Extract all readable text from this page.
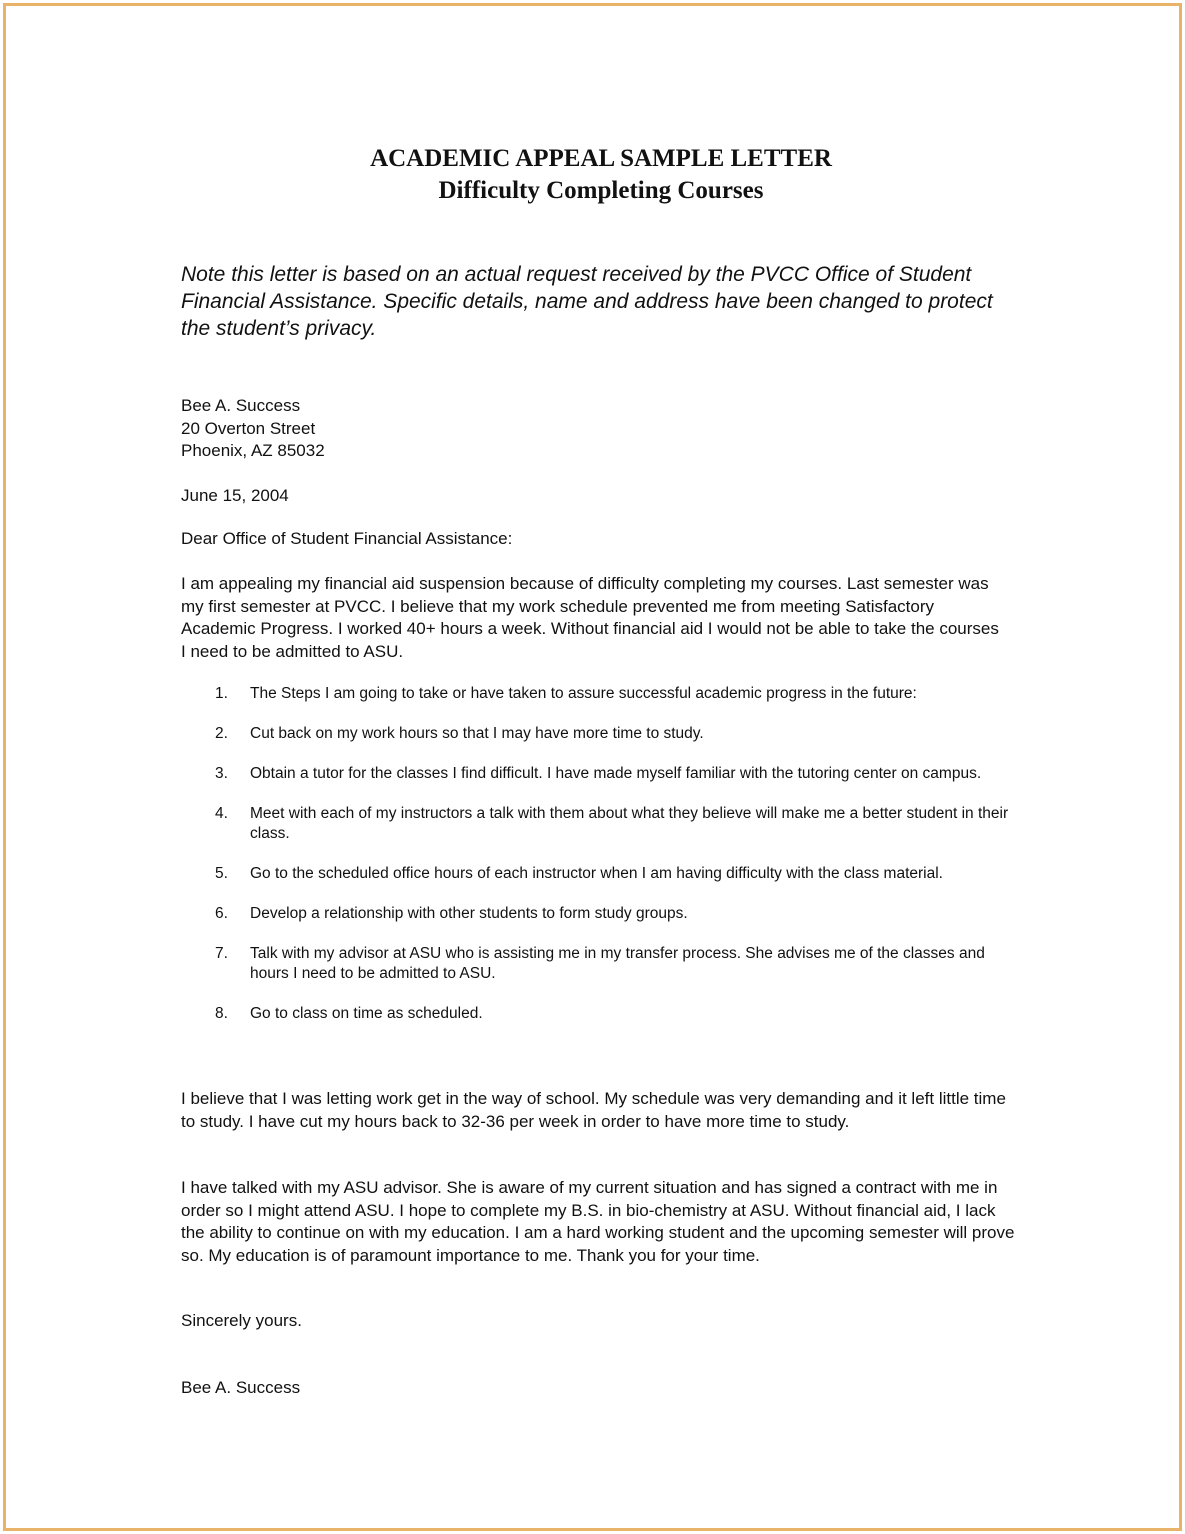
ACADEMIC APPEAL SAMPLE LETTER
Difficulty Completing Courses
Note this letter is based on an actual request received by the PVCC Office of Student Financial Assistance. Specific details, name and address have been changed to protect the student’s privacy.
Bee A. Success
20 Overton Street
Phoenix, AZ 85032
June 15, 2004
Dear Office of Student Financial Assistance:
I am appealing my financial aid suspension because of difficulty completing my courses. Last semester was my first semester at PVCC. I believe that my work schedule prevented me from meeting Satisfactory Academic Progress. I worked 40+ hours a week. Without financial aid I would not be able to take the courses I need to be admitted to ASU.
1. The Steps I am going to take or have taken to assure successful academic progress in the future:
2. Cut back on my work hours so that I may have more time to study.
3. Obtain a tutor for the classes I find difficult. I have made myself familiar with the tutoring center on campus.
4. Meet with each of my instructors a talk with them about what they believe will make me a better student in their class.
5. Go to the scheduled office hours of each instructor when I am having difficulty with the class material.
6. Develop a relationship with other students to form study groups.
7. Talk with my advisor at ASU who is assisting me in my transfer process. She advises me of the classes and hours I need to be admitted to ASU.
8. Go to class on time as scheduled.
I believe that I was letting work get in the way of school. My schedule was very demanding and it left little time to study. I have cut my hours back to 32-36 per week in order to have more time to study.
I have talked with my ASU advisor. She is aware of my current situation and has signed a contract with me in order so I might attend ASU. I hope to complete my B.S. in bio-chemistry at ASU. Without financial aid, I lack the ability to continue on with my education. I am a hard working student and the upcoming semester will prove so. My education is of paramount importance to me. Thank you for your time.
Sincerely yours.
Bee A. Success
